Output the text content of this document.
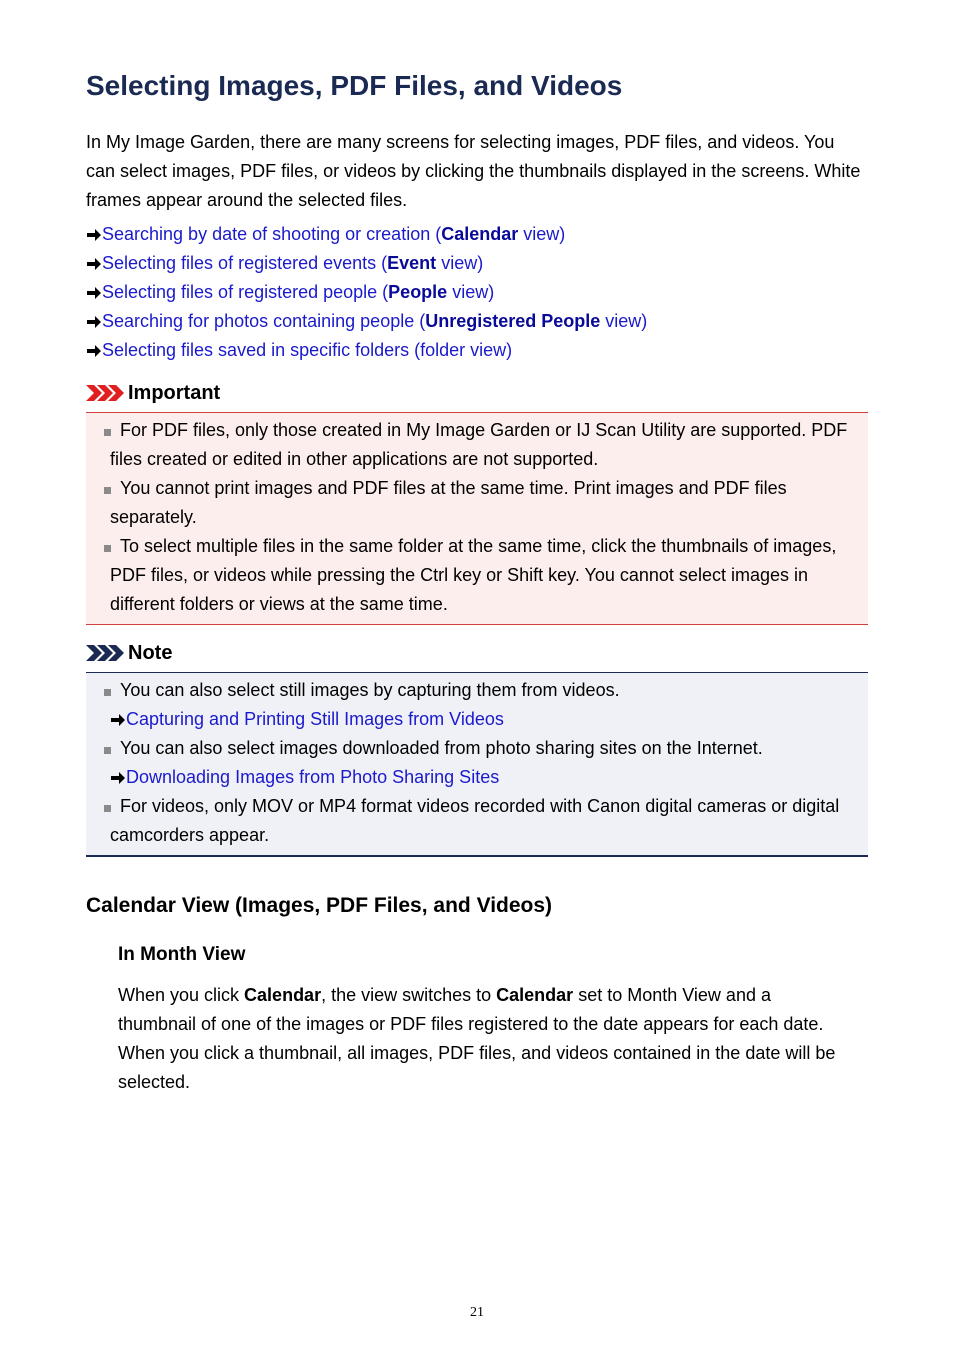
Selecting Images, PDF Files, and Videos

In My Image Garden, there are many screens for selecting images, PDF files, and videos. You can select images, PDF files, or videos by clicking the thumbnails displayed in the screens. White frames appear around the selected files.

Searching by date of shooting or creation (Calendar view)
Selecting files of registered events (Event view)
Selecting files of registered people (People view)
Searching for photos containing people (Unregistered People view)
Selecting files saved in specific folders (folder view)
Important
For PDF files, only those created in My Image Garden or IJ Scan Utility are supported. PDF files created or edited in other applications are not supported.
You cannot print images and PDF files at the same time. Print images and PDF files separately.
To select multiple files in the same folder at the same time, click the thumbnails of images, PDF files, or videos while pressing the Ctrl key or Shift key. You cannot select images in different folders or views at the same time.
Note
You can also select still images by capturing them from videos.
Capturing and Printing Still Images from Videos
You can also select images downloaded from photo sharing sites on the Internet.
Downloading Images from Photo Sharing Sites
For videos, only MOV or MP4 format videos recorded with Canon digital cameras or digital camcorders appear.
Calendar View (Images, PDF Files, and Videos)
In Month View

When you click Calendar, the view switches to Calendar set to Month View and a thumbnail of one of the images or PDF files registered to the date appears for each date. When you click a thumbnail, all images, PDF files, and videos contained in the date will be selected.

21
